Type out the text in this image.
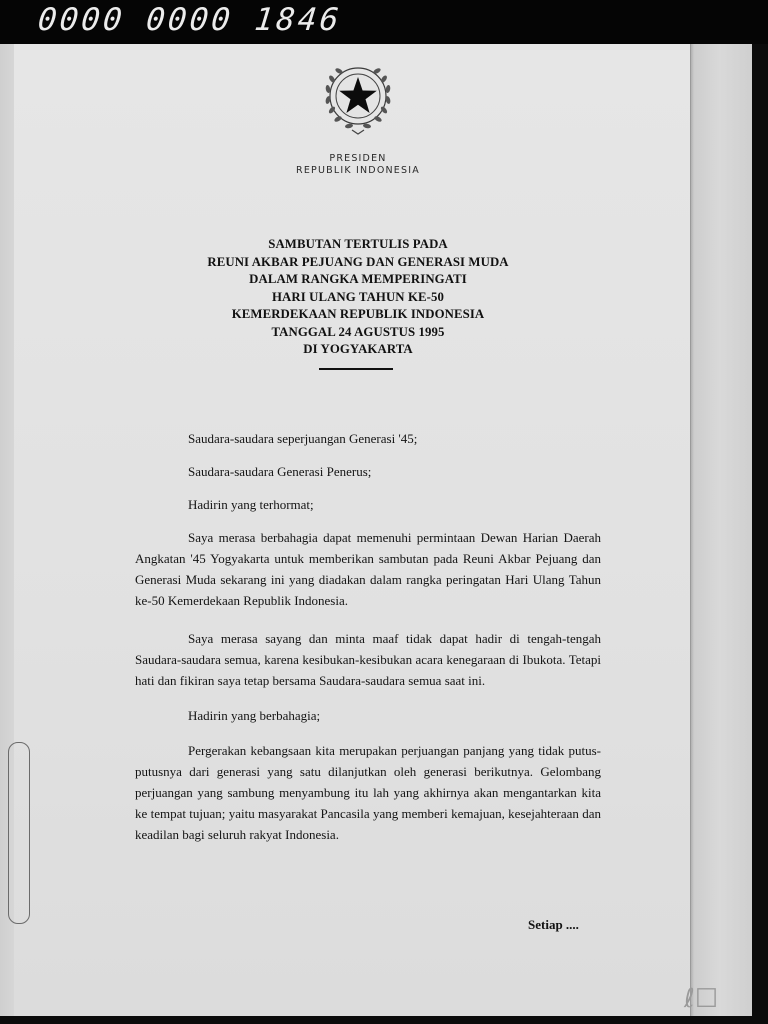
0000 0000 1846
PRESIDEN
REPUBLIK INDONESIA
SAMBUTAN TERTULIS PADA
REUNI AKBAR PEJUANG DAN GENERASI MUDA
DALAM RANGKA MEMPERINGATI
HARI ULANG TAHUN KE-50
KEMERDEKAAN REPUBLIK INDONESIA
TANGGAL 24 AGUSTUS 1995
DI YOGYAKARTA

Saudara-saudara seperjuangan Generasi '45;

Saudara-saudara Generasi Penerus;

Hadirin yang terhormat;

Saya merasa berbahagia dapat memenuhi permintaan Dewan Harian Daerah Angkatan '45 Yogyakarta untuk memberikan sambutan pada Reuni Akbar Pejuang dan Generasi Muda sekarang ini yang diadakan dalam rangka peringatan Hari Ulang Tahun ke-50 Kemerdekaan Republik Indonesia.

Saya merasa sayang dan minta maaf tidak dapat hadir di tengah-tengah Saudara-saudara semua, karena kesibukan-kesibukan acara kenegaraan di Ibukota. Tetapi hati dan fikiran saya tetap bersama Saudara-saudara semua saat ini.

Hadirin yang berbahagia;

Pergerakan kebangsaan kita merupakan perjuangan panjang yang tidak putus-putusnya dari generasi yang satu dilanjutkan oleh generasi berikutnya. Gelombang perjuangan yang sambung menyambung itu lah yang akhirnya akan mengantarkan kita ke tempat tujuan; yaitu masyarakat Pancasila yang memberi kemajuan, kesejahteraan dan keadilan bagi seluruh rakyat Indonesia.

Setiap ....
ℓ☐
